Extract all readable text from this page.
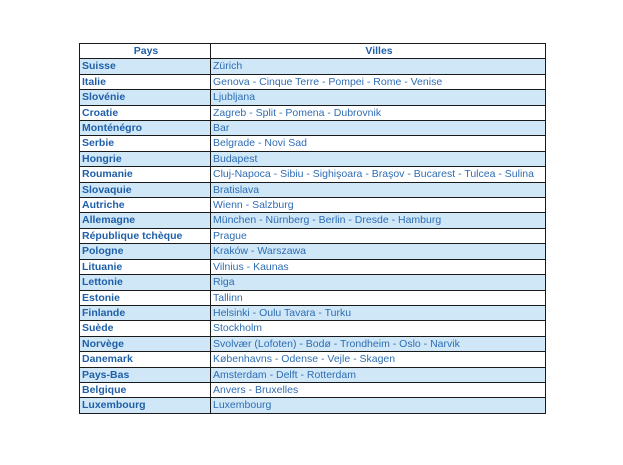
Pays	Villes
Suisse	Zürich
Italie	Genova - Cinque Terre - Pompei - Rome - Venise
Slovénie	Ljubljana
Croatie	Zagreb - Split - Pomena - Dubrovnik
Monténégro	Bar
Serbie	Belgrade - Novi Sad
Hongrie	Budapest
Roumanie	Cluj-Napoca - Sibiu - Sighişoara - Braşov - Bucarest - Tulcea - Sulina
Slovaquie	Bratislava
Autriche	Wienn - Salzburg
Allemagne	München - Nürnberg - Berlin - Dresde - Hamburg
République tchèque	Prague
Pologne	Kraków - Warszawa
Lituanie	Vilnius - Kaunas
Lettonie	Riga
Estonie	Tallinn
Finlande	Helsinki - Oulu Tavara - Turku
Suède	Stockholm
Norvège	Svolvær (Lofoten) - Bodø - Trondheim - Oslo - Narvik
Danemark	Københavns - Odense - Vejle - Skagen
Pays-Bas	Amsterdam - Delft - Rotterdam
Belgique	Anvers - Bruxelles
Luxembourg	Luxembourg
